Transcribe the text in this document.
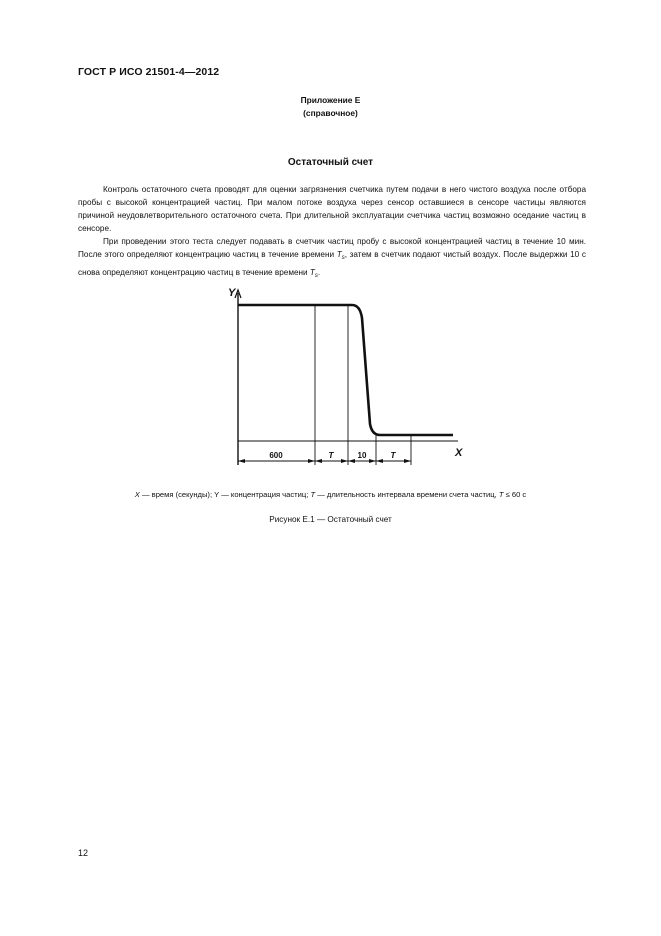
ГОСТ Р ИСО 21501-4—2012
Приложение Е
(справочное)
Остаточный счет

Контроль остаточного счета проводят для оценки загрязнения счетчика путем подачи в него чистого воздуха после отбора пробы с высокой концентрацией частиц. При малом потоке воздуха через сенсор оставшиеся в сенсоре частицы являются причиной неудовлетворительного остаточного счета. При длительной эксплуатации счетчика частиц возможно оседание частиц в сенсоре.

При проведении этого теста следует подавать в счетчик частиц пробу с высокой концентрацией частиц в течение 10 мин. После этого определяют концентрацию частиц в течение времени $T_s$, затем в счетчик подают чистый воздух. После выдержки 10 с снова определяют концентрацию частиц в течение времени $T_s$.

Y
X
600	T	10	T
X — время (секунды); Y — концентрация частиц; T — длительность интервала времени счета частиц, T ≤ 60 с
Рисунок Е.1 — Остаточный счет
12
